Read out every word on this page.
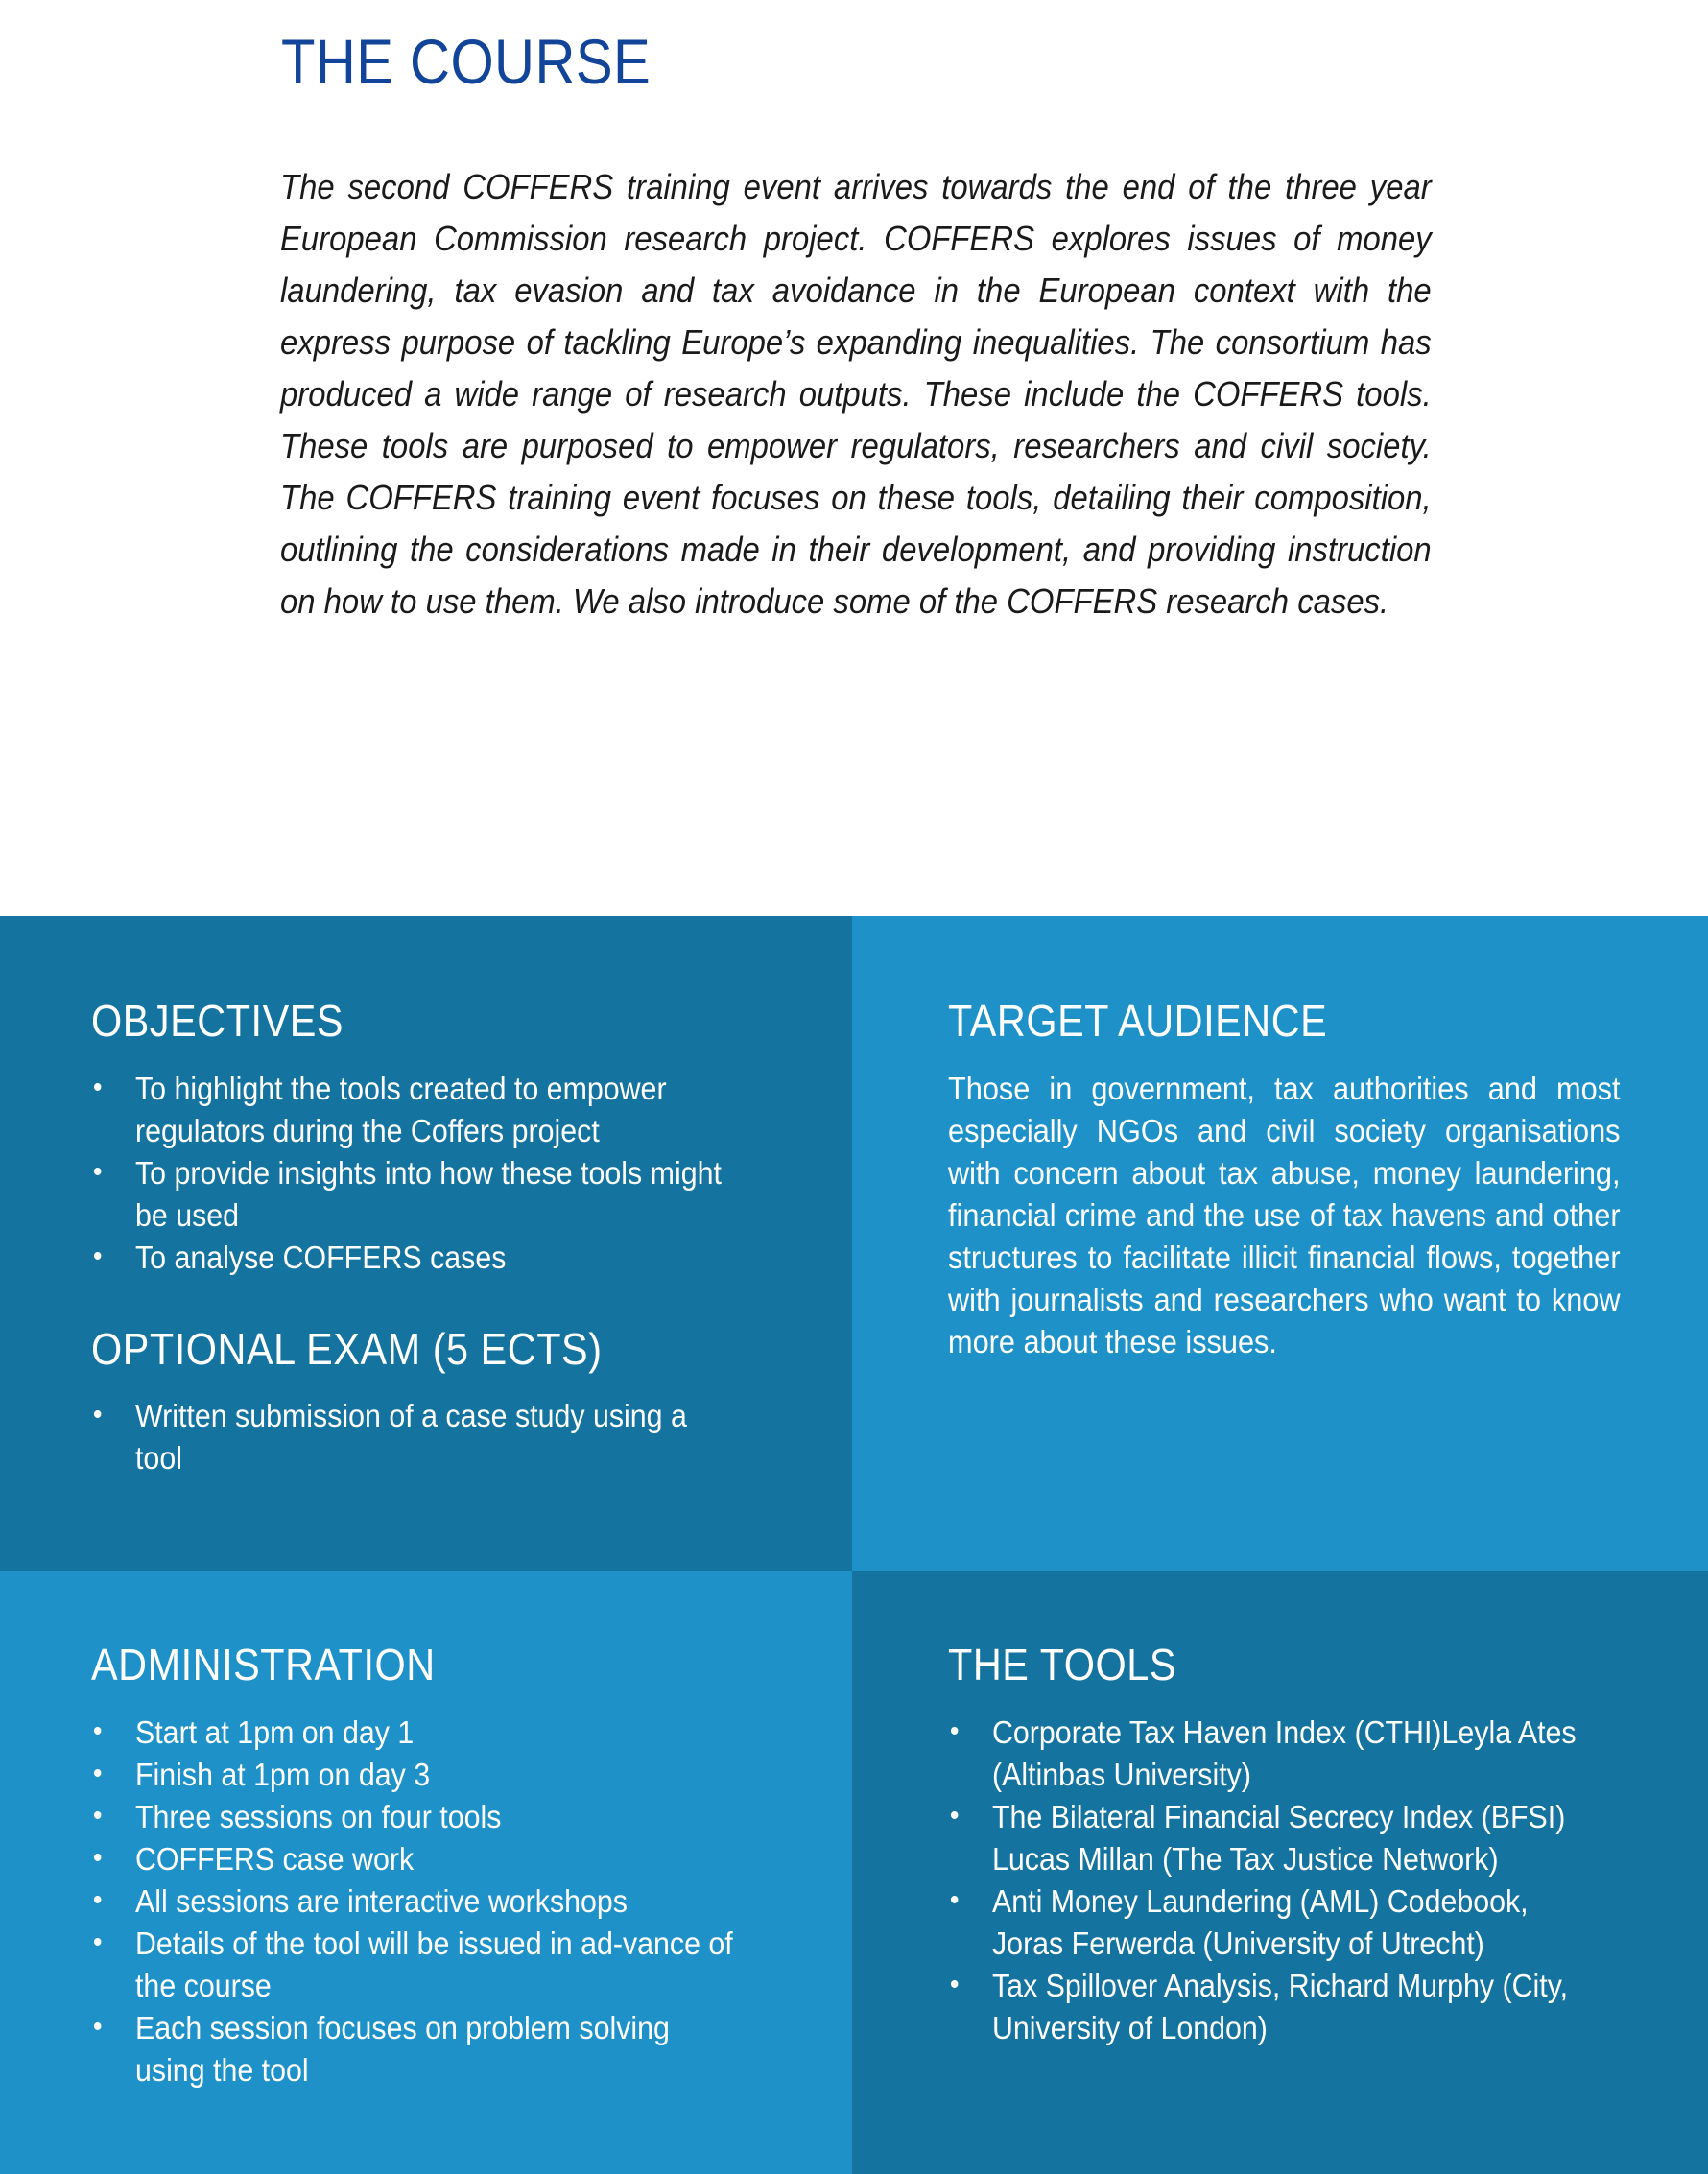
THE COURSE

The second COFFERS training event arrives towards the end of the three year European Commission research project. COFFERS explores issues of money laundering, tax evasion and tax avoidance in the European context with the express purpose of tackling Europe’s expanding inequalities. The consortium has produced a wide range of research outputs. These include the COFFERS tools. These tools are purposed to empower regulators, researchers and civil society. The COFFERS training event focuses on these tools, detailing their composition, outlining the considerations made in their development, and providing instruction on how to use them. We also introduce some of the COFFERS research cases.

OBJECTIVES
• To highlight the tools created to empower regulators during the Coffers project
• To provide insights into how these tools might be used
• To analyse COFFERS cases
OPTIONAL EXAM (5 ECTS)
• Written submission of a case study using a tool
TARGET AUDIENCE

Those in government, tax authorities and most especially NGOs and civil society organisations with concern about tax abuse, money laundering, financial crime and the use of tax havens and other structures to facilitate illicit financial flows, together with journalists and researchers who want to know more about these issues.

ADMINISTRATION
• Start at 1pm on day 1
• Finish at 1pm on day 3
• Three sessions on four tools
• COFFERS case work
• All sessions are interactive workshops
• Details of the tool will be issued in ad-vance of the course
• Each session focuses on problem solving using the tool
THE TOOLS
• Corporate Tax Haven Index (CTHI)Leyla Ates (Altinbas University)
• The Bilateral Financial Secrecy Index (BFSI) Lucas Millan (The Tax Justice Network)
• Anti Money Laundering (AML) Codebook, Joras Ferwerda (University of Utrecht)
• Tax Spillover Analysis, Richard Murphy (City, University of London)
